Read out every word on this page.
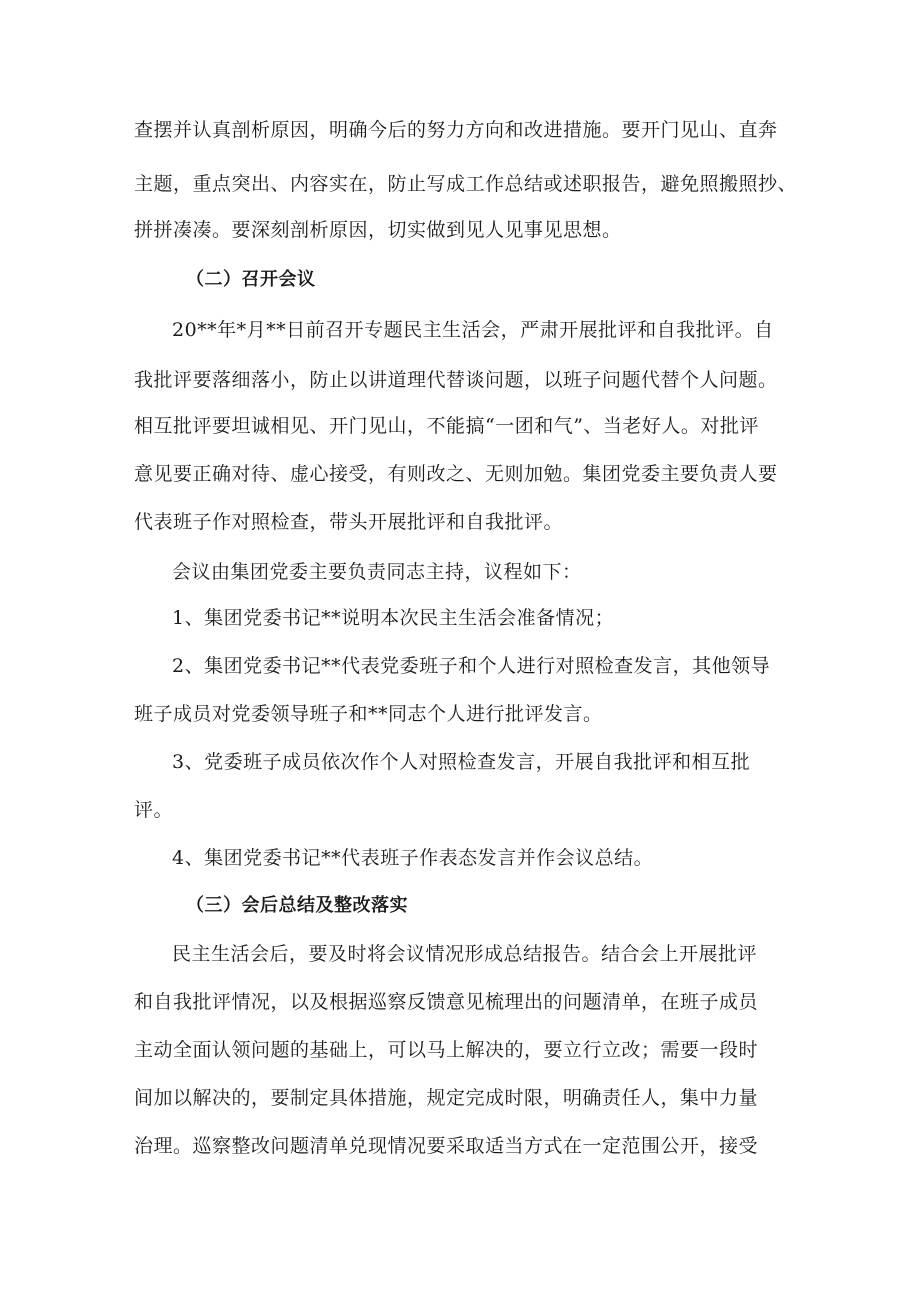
查摆并认真剖析原因，明确今后的努力方向和改进措施。要开门见山、直奔
主题，重点突出、内容实在，防止写成工作总结或述职报告，避免照搬照抄、
拼拼凑凑。要深刻剖析原因，切实做到见人见事见思想。
（二）召开会议
20**年*月**日前召开专题民主生活会，严肃开展批评和自我批评。自
我批评要落细落小，防止以讲道理代替谈问题，以班子问题代替个人问题。
相互批评要坦诚相见、开门见山，不能搞“一团和气”、当老好人。对批评
意见要正确对待、虚心接受，有则改之、无则加勉。集团党委主要负责人要
代表班子作对照检查，带头开展批评和自我批评。
会议由集团党委主要负责同志主持，议程如下：
1、集团党委书记**说明本次民主生活会准备情况；
2、集团党委书记**代表党委班子和个人进行对照检查发言，其他领导
班子成员对党委领导班子和**同志个人进行批评发言。
3、党委班子成员依次作个人对照检查发言，开展自我批评和相互批
评。
4、集团党委书记**代表班子作表态发言并作会议总结。
（三）会后总结及整改落实
民主生活会后，要及时将会议情况形成总结报告。结合会上开展批评
和自我批评情况，以及根据巡察反馈意见梳理出的问题清单，在班子成员
主动全面认领问题的基础上，可以马上解决的，要立行立改；需要一段时
间加以解决的，要制定具体措施，规定完成时限，明确责任人，集中力量
治理。巡察整改问题清单兑现情况要采取适当方式在一定范围公开，接受
